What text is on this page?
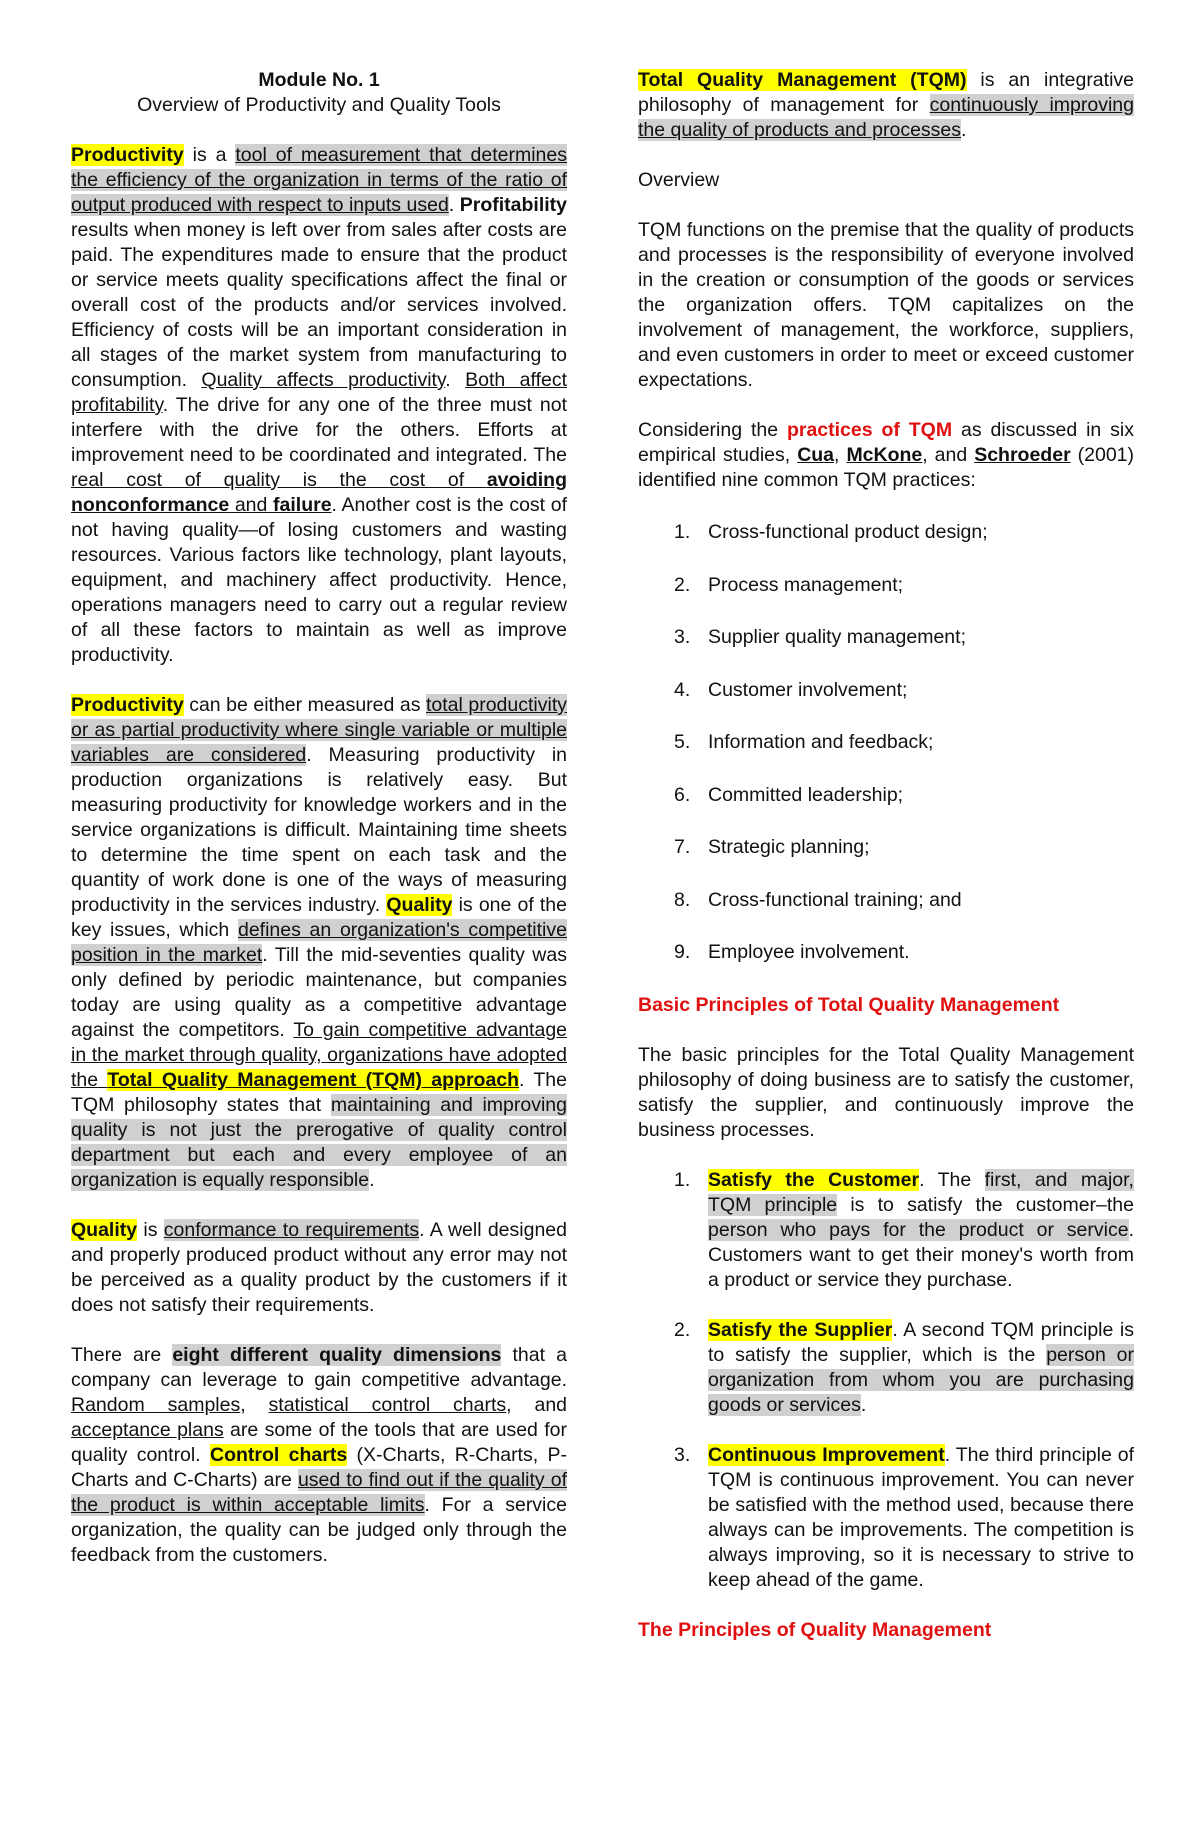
Module No. 1

Overview of Productivity and Quality Tools

Productivity is a tool of measurement that determines the efficiency of the organization in terms of the ratio of output produced with respect to inputs used. Profitability results when money is left over from sales after costs are paid. The expenditures made to ensure that the product or service meets quality specifications affect the final or overall cost of the products and/or services involved. Efficiency of costs will be an important consideration in all stages of the market system from manufacturing to consumption. Quality affects productivity. Both affect profitability. The drive for any one of the three must not interfere with the drive for the others. Efforts at improvement need to be coordinated and integrated. The real cost of quality is the cost of avoiding nonconformance and failure. Another cost is the cost of not having quality—of losing customers and wasting resources. Various factors like technology, plant layouts, equipment, and machinery affect productivity. Hence, operations managers need to carry out a regular review of all these factors to maintain as well as improve productivity.

Productivity can be either measured as total productivity or as partial productivity where single variable or multiple variables are considered. Measuring productivity in production organizations is relatively easy. But measuring productivity for knowledge workers and in the service organizations is difficult. Maintaining time sheets to determine the time spent on each task and the quantity of work done is one of the ways of measuring productivity in the services industry. Quality is one of the key issues, which defines an organization's competitive position in the market. Till the mid-seventies quality was only defined by periodic maintenance, but companies today are using quality as a competitive advantage against the competitors. To gain competitive advantage in the market through quality, organizations have adopted the Total Quality Management (TQM) approach. The TQM philosophy states that maintaining and improving quality is not just the prerogative of quality control department but each and every employee of an organization is equally responsible.

Quality is conformance to requirements. A well designed and properly produced product without any error may not be perceived as a quality product by the customers if it does not satisfy their requirements.

There are eight different quality dimensions that a company can leverage to gain competitive advantage. Random samples, statistical control charts, and acceptance plans are some of the tools that are used for quality control. Control charts (X-Charts, R-Charts, P-Charts and C-Charts) are used to find out if the quality of the product is within acceptable limits. For a service organization, the quality can be judged only through the feedback from the customers.

Total Quality Management (TQM) is an integrative philosophy of management for continuously improving the quality of products and processes.

Overview

TQM functions on the premise that the quality of products and processes is the responsibility of everyone involved in the creation or consumption of the goods or services the organization offers. TQM capitalizes on the involvement of management, the workforce, suppliers, and even customers in order to meet or exceed customer expectations.

Considering the practices of TQM as discussed in six empirical studies, Cua, McKone, and Schroeder (2001) identified nine common TQM practices:

1. Cross-functional product design;
2. Process management;
3. Supplier quality management;
4. Customer involvement;
5. Information and feedback;
6. Committed leadership;
7. Strategic planning;
8. Cross-functional training; and
9. Employee involvement.

Basic Principles of Total Quality Management

The basic principles for the Total Quality Management philosophy of doing business are to satisfy the customer, satisfy the supplier, and continuously improve the business processes.

1. Satisfy the Customer. The first, and major, TQM principle is to satisfy the customer–the person who pays for the product or service. Customers want to get their money's worth from a product or service they purchase.
2. Satisfy the Supplier. A second TQM principle is to satisfy the supplier, which is the person or organization from whom you are purchasing goods or services.
3. Continuous Improvement. The third principle of TQM is continuous improvement. You can never be satisfied with the method used, because there always can be improvements. The competition is always improving, so it is necessary to strive to keep ahead of the game.

The Principles of Quality Management
